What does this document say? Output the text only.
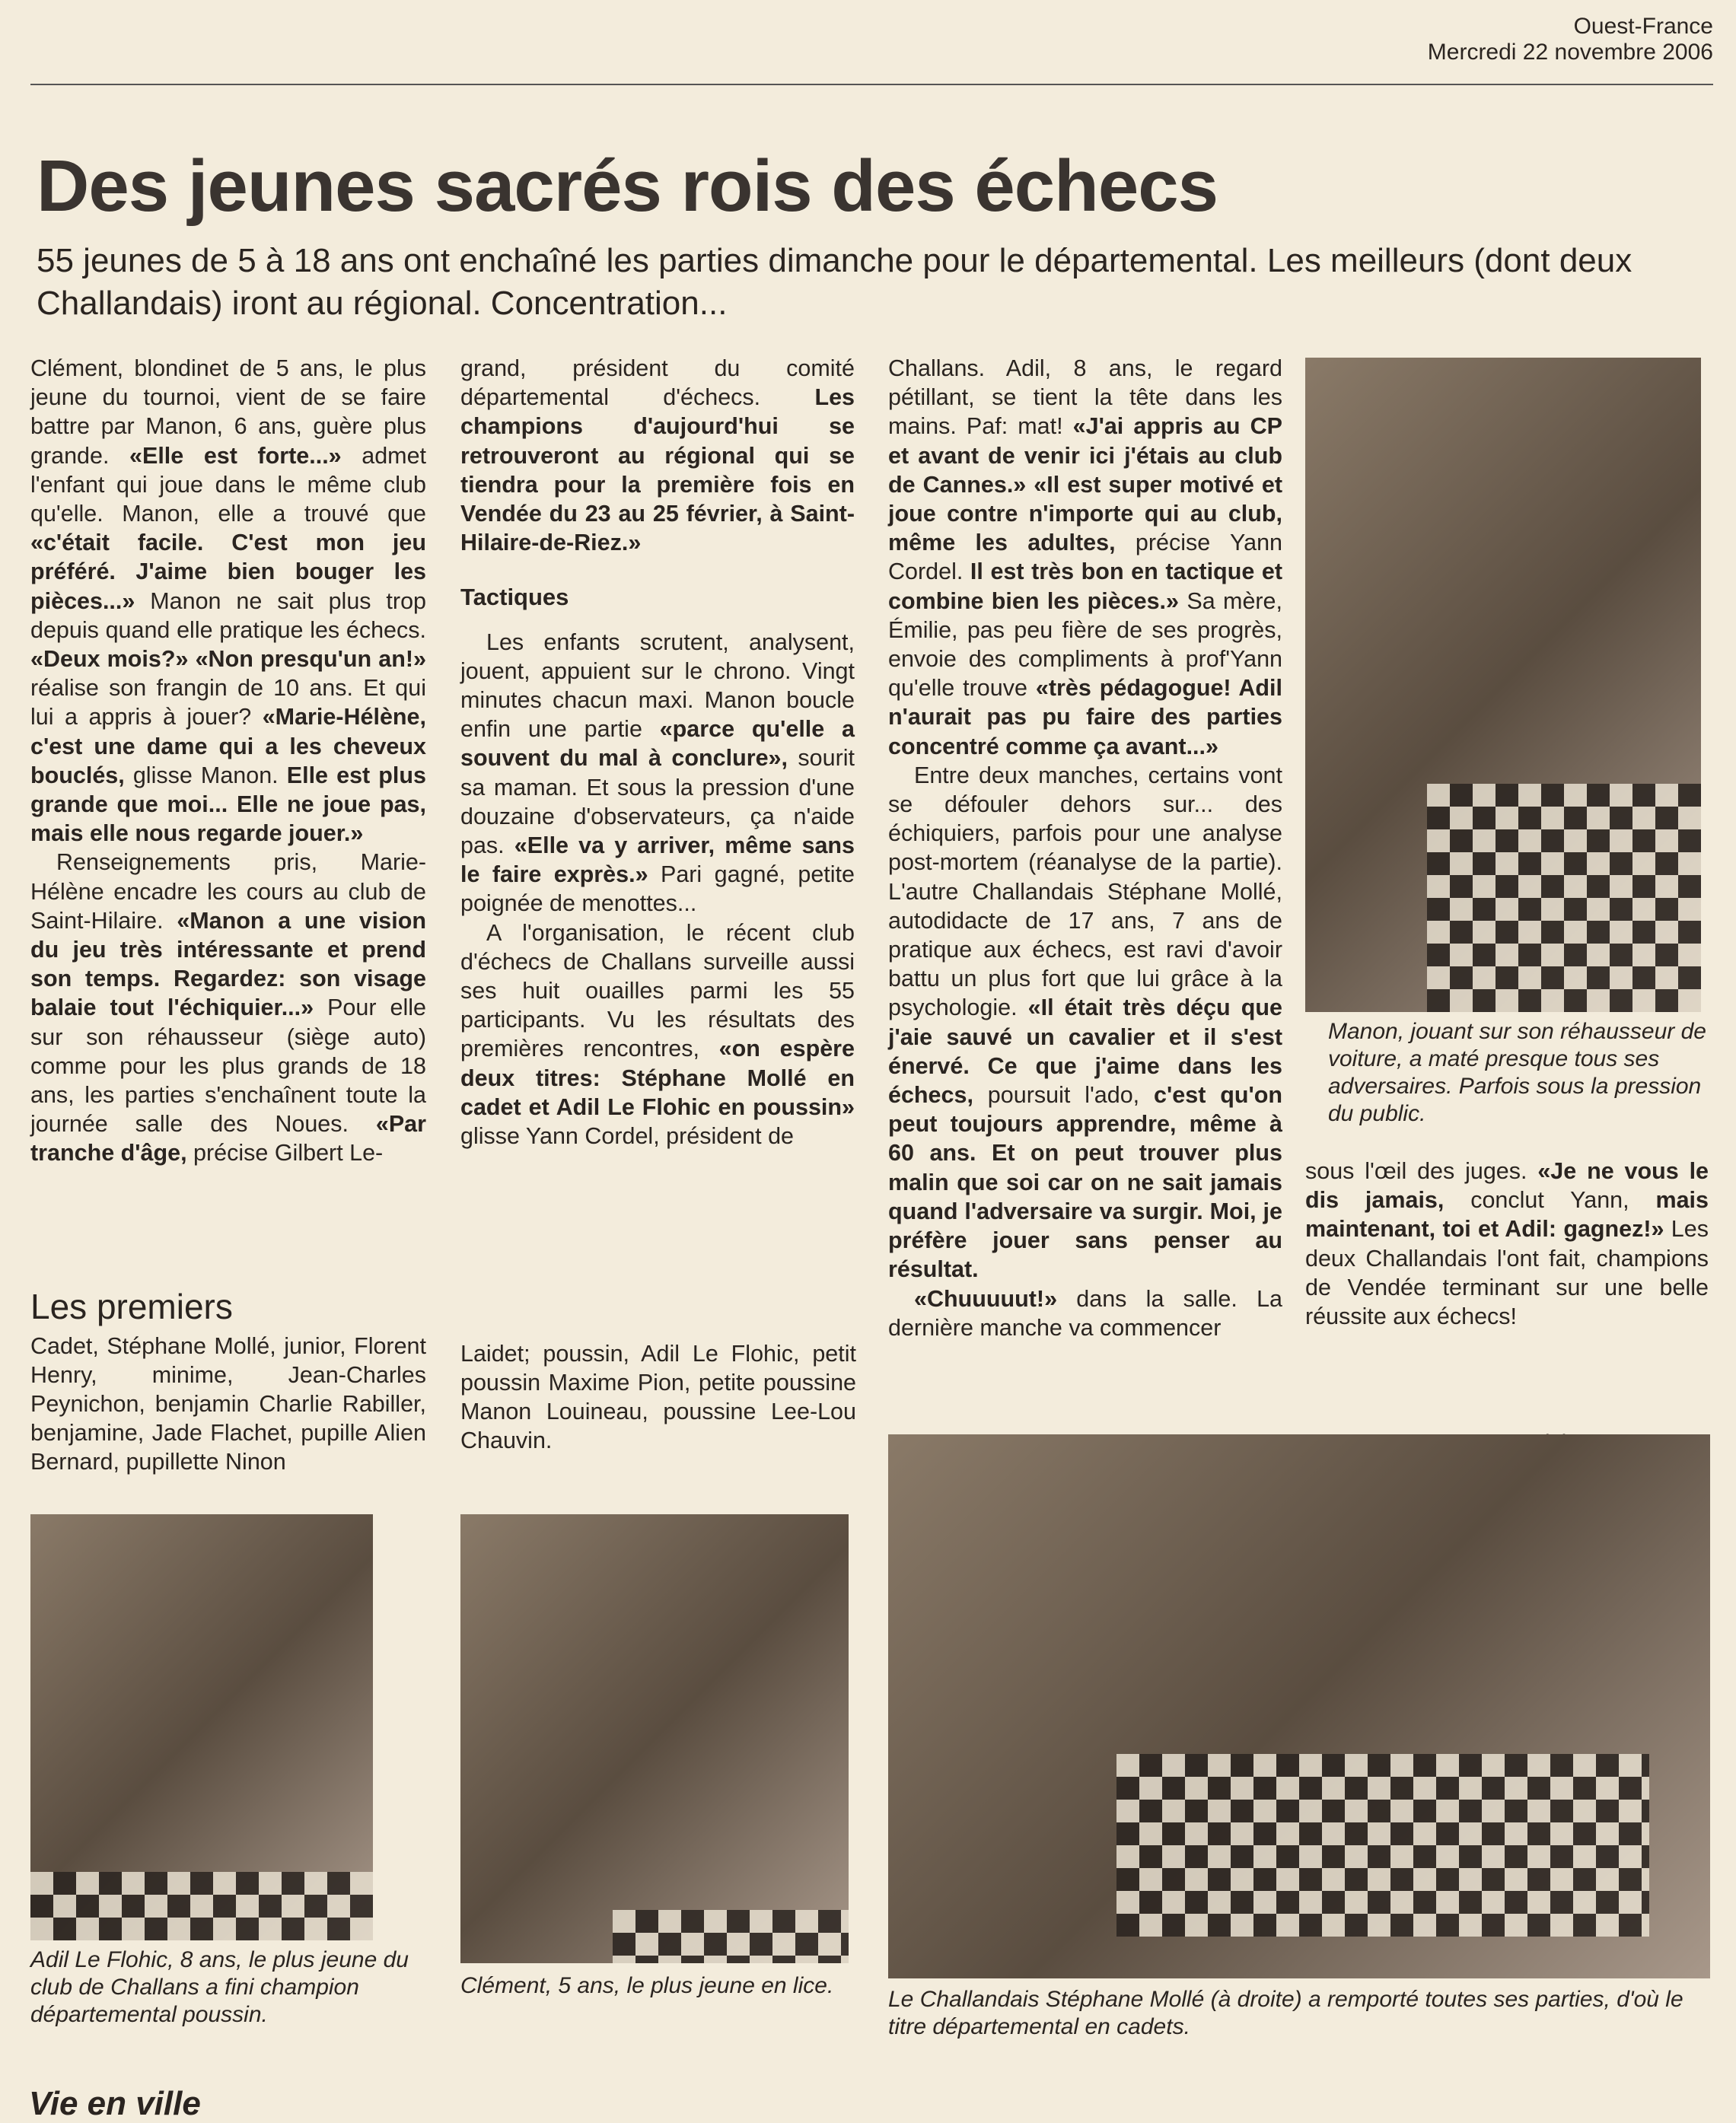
Ouest-France
Mercredi 22 novembre 2006
Des jeunes sacrés rois des échecs
55 jeunes de 5 à 18 ans ont enchaîné les parties dimanche pour le départemental. Les meilleurs (dont deux Challandais) iront au régional. Concentration...

Clément, blondinet de 5 ans, le plus jeune du tournoi, vient de se faire battre par Manon, 6 ans, guère plus grande. «Elle est forte...» admet l'enfant qui joue dans le même club qu'elle. Manon, elle a trouvé que «c'était facile. C'est mon jeu préféré. J'aime bien bouger les pièces...» Manon ne sait plus trop depuis quand elle pratique les échecs. «Deux mois?» «Non presqu'un an!» réalise son frangin de 10 ans. Et qui lui a appris à jouer? «Marie-Hélène, c'est une dame qui a les cheveux bouclés, glisse Manon. Elle est plus grande que moi... Elle ne joue pas, mais elle nous regarde jouer.»

Renseignements pris, Marie-Hélène encadre les cours au club de Saint-Hilaire. «Manon a une vision du jeu très intéressante et prend son temps. Regardez: son visage balaie tout l'échiquier...» Pour elle sur son réhausseur (siège auto) comme pour les plus grands de 18 ans, les parties s'enchaînent toute la journée salle des Noues. «Par tranche d'âge, précise Gilbert Le-

grand, président du comité départemental d'échecs. Les champions d'aujourd'hui se retrouveront au régional qui se tiendra pour la première fois en Vendée du 23 au 25 février, à Saint-Hilaire-de-Riez.»

Tactiques

Les enfants scrutent, analysent, jouent, appuient sur le chrono. Vingt minutes chacun maxi. Manon boucle enfin une partie «parce qu'elle a souvent du mal à conclure», sourit sa maman. Et sous la pression d'une douzaine d'observateurs, ça n'aide pas. «Elle va y arriver, même sans le faire exprès.» Pari gagné, petite poignée de menottes...

A l'organisation, le récent club d'échecs de Challans surveille aussi ses huit ouailles parmi les 55 participants. Vu les résultats des premières rencontres, «on espère deux titres: Stéphane Mollé en cadet et Adil Le Flohic en poussin» glisse Yann Cordel, président de

Challans. Adil, 8 ans, le regard pétillant, se tient la tête dans les mains. Paf: mat! «J'ai appris au CP et avant de venir ici j'étais au club de Cannes.» «Il est super motivé et joue contre n'importe qui au club, même les adultes, précise Yann Cordel. Il est très bon en tactique et combine bien les pièces.» Sa mère, Émilie, pas peu fière de ses progrès, envoie des compliments à prof'Yann qu'elle trouve «très pédagogue! Adil n'aurait pas pu faire des parties concentré comme ça avant...»

Entre deux manches, certains vont se défouler dehors sur... des échiquiers, parfois pour une analyse post-mortem (réanalyse de la partie). L'autre Challandais Stéphane Mollé, autodidacte de 17 ans, 7 ans de pratique aux échecs, est ravi d'avoir battu un plus fort que lui grâce à la psychologie. «Il était très déçu que j'aie sauvé un cavalier et il s'est énervé. Ce que j'aime dans les échecs, poursuit l'ado, c'est qu'on peut toujours apprendre, même à 60 ans. Et on peut trouver plus malin que soi car on ne sait jamais quand l'adversaire va surgir. Moi, je préfère jouer sans penser au résultat.

«Chuuuuut!» dans la salle. La dernière manche va commencer

Manon, jouant sur son réhausseur de voiture, a maté presque tous ses adversaires. Parfois sous la pression du public.

sous l'œil des juges. «Je ne vous le dis jamais, conclut Yann, mais maintenant, toi et Adil: gagnez!» Les deux Challandais l'ont fait, champions de Vendée terminant sur une belle réussite aux échecs!

Les premiers
Cadet, Stéphane Mollé, junior, Florent Henry, minime, Jean-Charles Peynichon, benjamin Charlie Rabiller, benjamine, Jade Flachet, pupille Alien Bernard, pupillette Ninon
Laidet; poussin, Adil Le Flohic, petit poussin Maxime Pion, petite poussine Manon Louineau, poussine Lee-Lou Chauvin.
Adil Le Flohic, 8 ans, le plus jeune du club de Challans a fini champion départemental poussin.
Clément, 5 ans, le plus jeune en lice.
Le Challandais Stéphane Mollé (à droite) a remporté toutes ses parties, d'où le titre départemental en cadets.
Vie en ville
